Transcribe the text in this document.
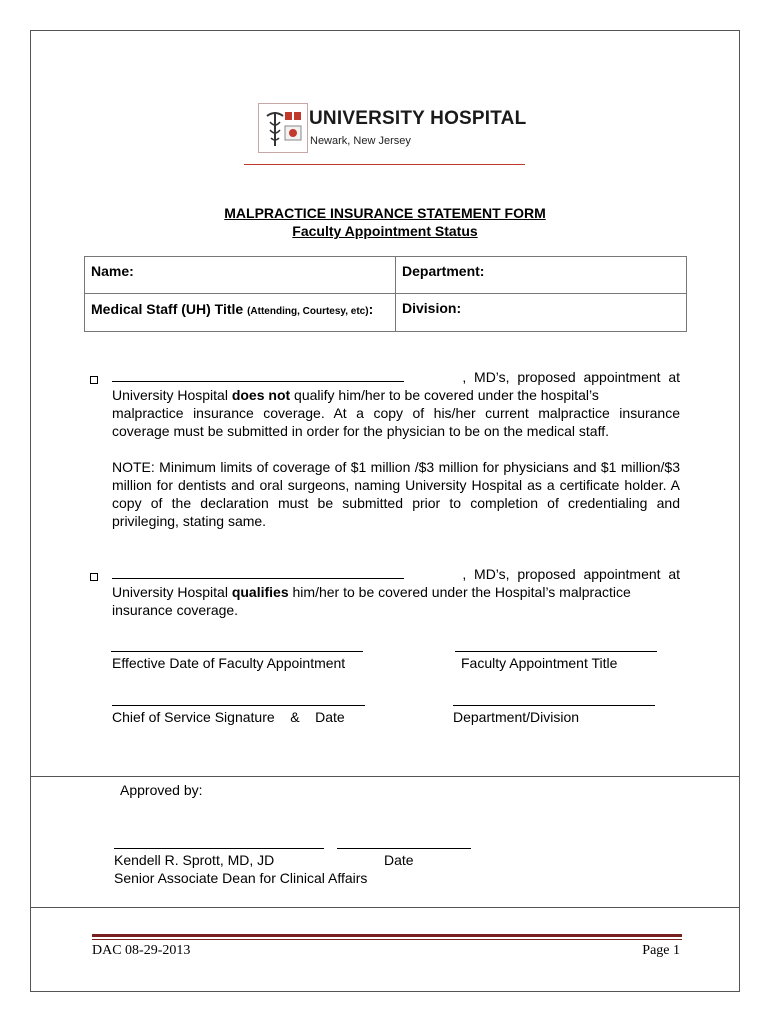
UNIVERSITY HOSPITAL
Newark, New Jersey
MALPRACTICE INSURANCE STATEMENT FORM
Faculty Appointment Status
Name:	Department:
Medical Staff (UH) Title (Attending, Courtesy, etc):	Division:
,  MD’s,  proposed  appointment  at
University Hospital does not qualify him/her to be covered under the hospital’s
malpractice insurance coverage. At a copy of his/her current malpractice insurance coverage must be submitted in order for the physician to be on the medical staff.
NOTE: Minimum limits of coverage of $1 million /$3 million for physicians and $1 million/$3 million for dentists and oral surgeons, naming University Hospital as a certificate holder. A copy of the declaration must be submitted prior to completion of credentialing and privileging, stating same.
,  MD’s,  proposed  appointment  at
University Hospital qualifies him/her to be covered under the Hospital’s malpractice
insurance coverage.
Effective Date of Faculty Appointment	Faculty Appointment Title
Chief of Service Signature    &    Date	Department/Division
Approved by:
Kendell R. Sprott, MD, JD	Date
Senior Associate Dean for Clinical Affairs
DAC 08-29-2013	Page 1
